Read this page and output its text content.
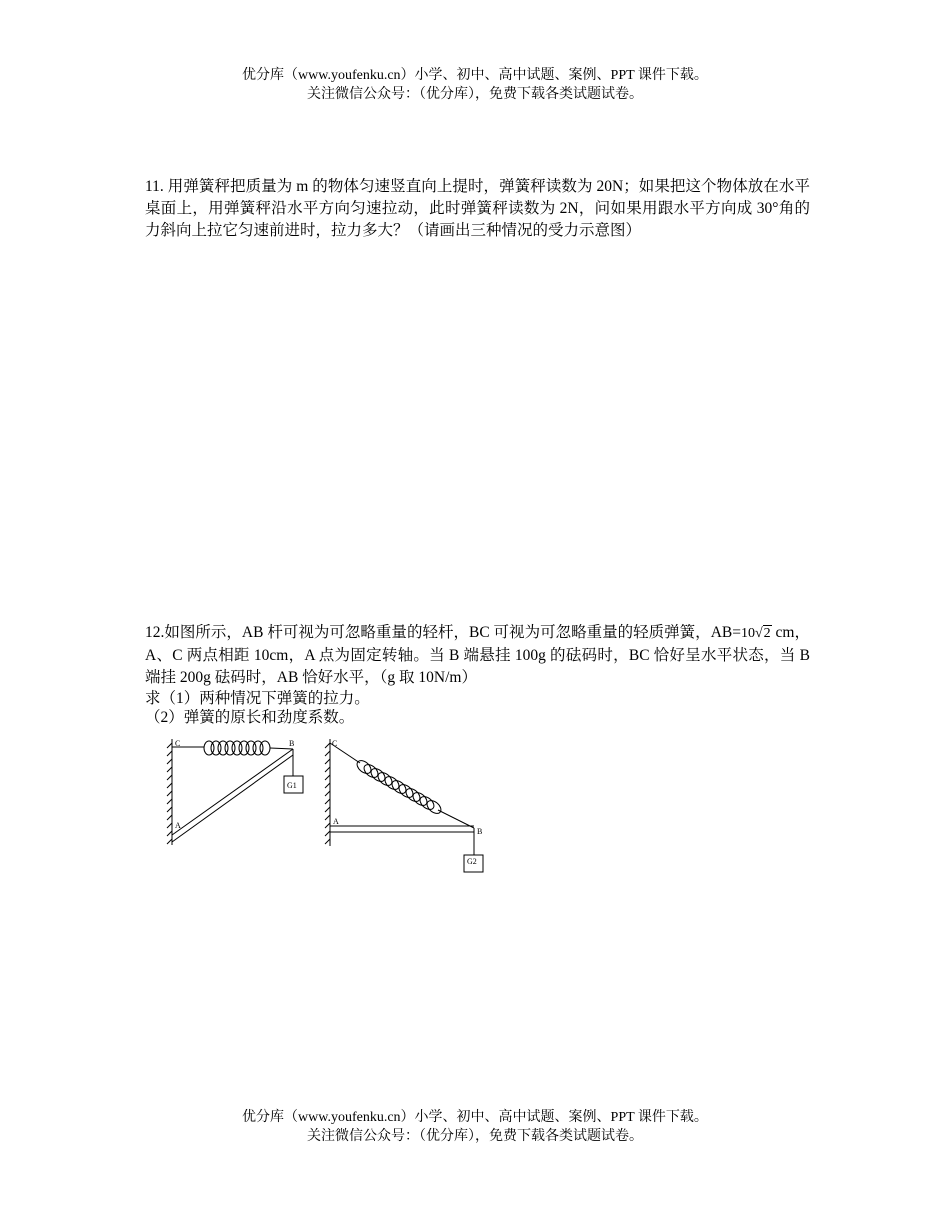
优分库（www.youfenku.cn）小学、初中、高中试题、案例、PPT 课件下载。
关注微信公众号：（优分库），免费下载各类试题试卷。

11. 用弹簧秤把质量为 m 的物体匀速竖直向上提时，弹簧秤读数为 20N；如果把这个物体放在水平桌面上，用弹簧秤沿水平方向匀速拉动，此时弹簧秤读数为 2N，问如果用跟水平方向成 30°角的力斜向上拉它匀速前进时，拉力多大？（请画出三种情况的受力示意图）

12.如图所示，AB 杆可视为可忽略重量的轻杆，BC 可视为可忽略重量的轻质弹簧，AB=10√2 cm，A、C 两点相距 10cm，A 点为固定转轴。当 B 端悬挂 100g 的砝码时，BC 恰好呈水平状态，当 B 端挂 200g 砝码时，AB 恰好水平，（g 取 10N/m）

求（1）两种情况下弹簧的拉力。

（2）弹簧的原长和劲度系数。

C	B
A
G1
C
B
A
G2
优分库（www.youfenku.cn）小学、初中、高中试题、案例、PPT 课件下载。
关注微信公众号：（优分库），免费下载各类试题试卷。
